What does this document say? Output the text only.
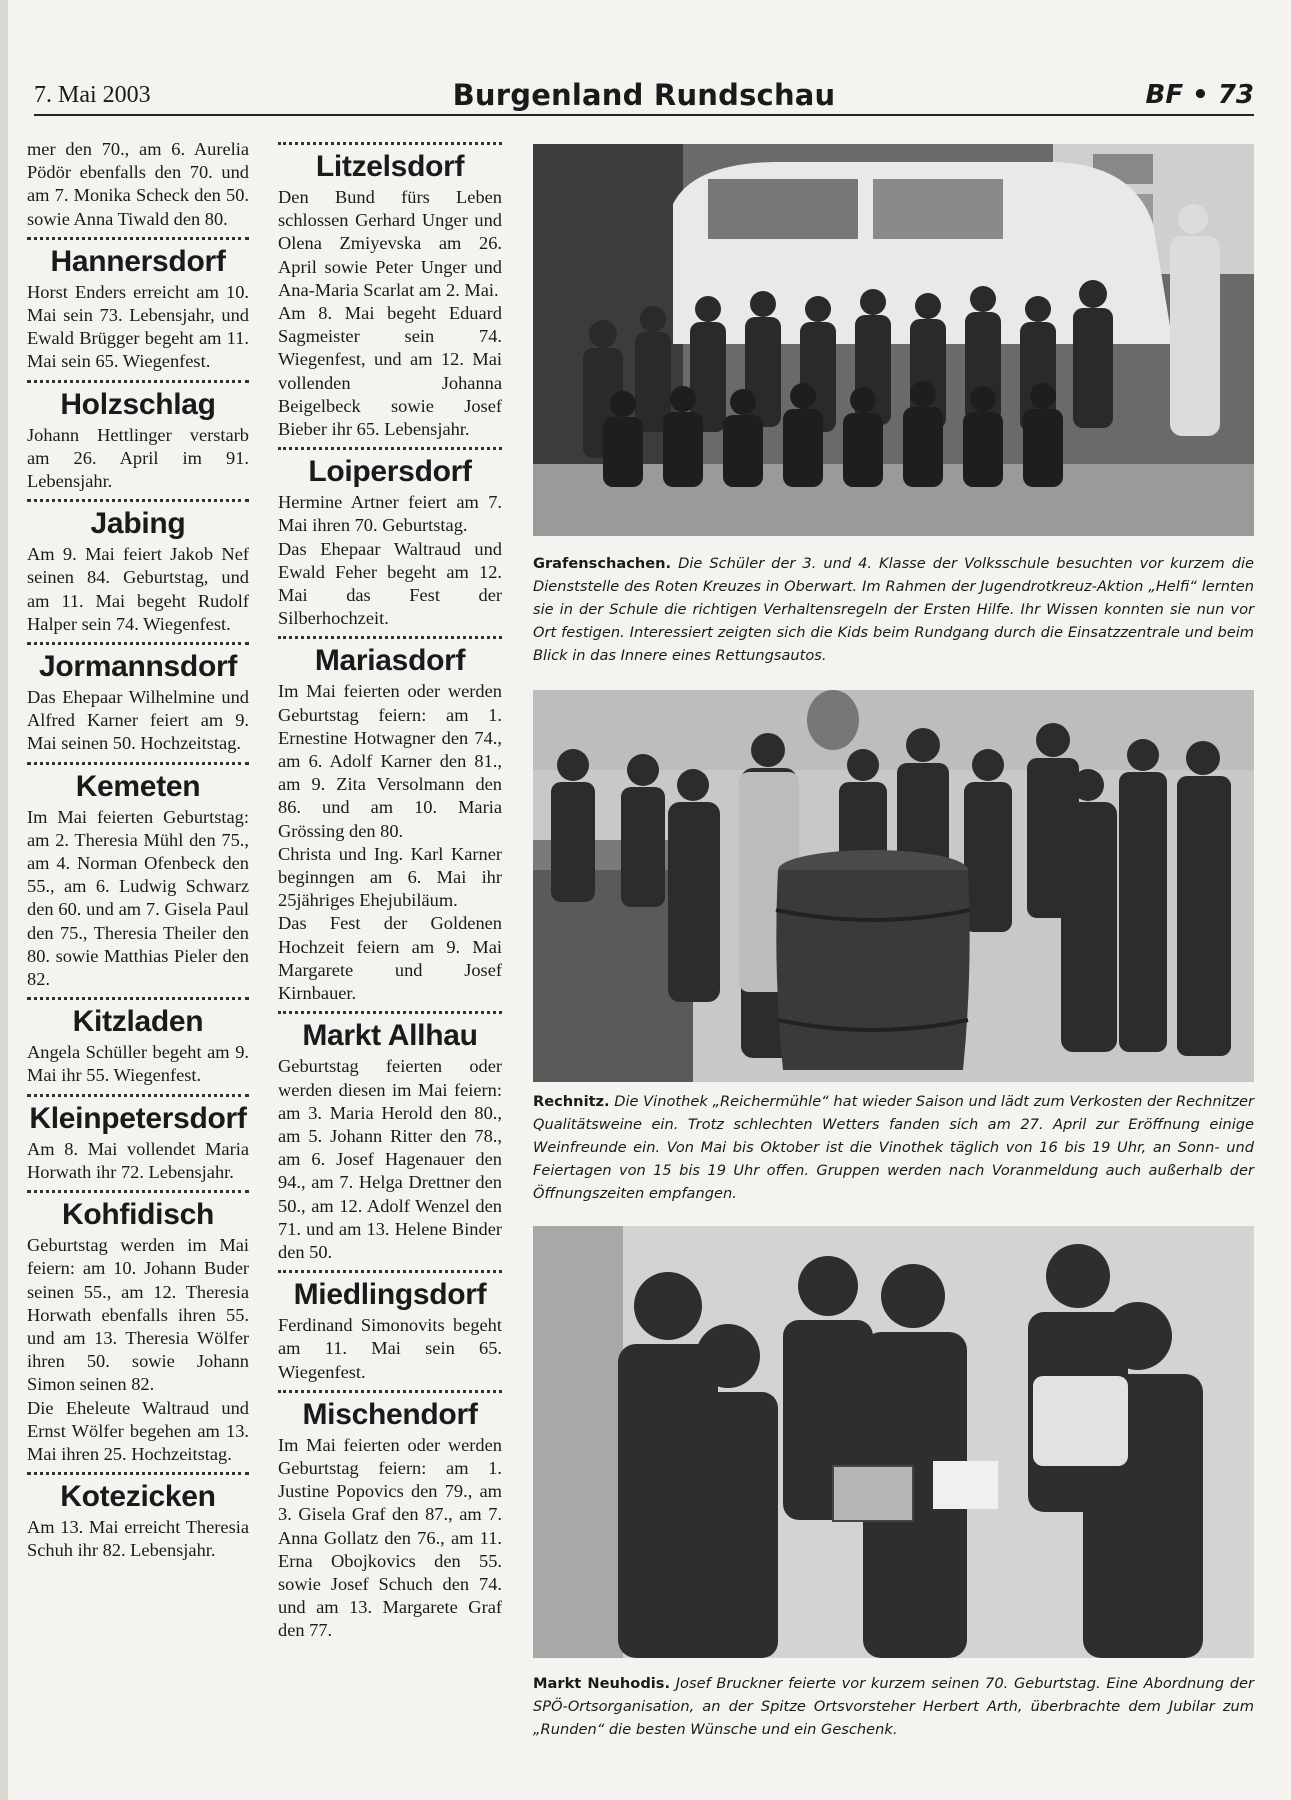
7. Mai 2003	Burgenland Rundschau	BF • 73

mer den 70., am 6. Aurelia Pödör ebenfalls den 70. und am 7. Monika Scheck den 50. sowie Anna Tiwald den 80.

Hannersdorf

Horst Enders erreicht am 10. Mai sein 73. Lebensjahr, und Ewald Brügger begeht am 11. Mai sein 65. Wiegenfest.

Holzschlag

Johann Hettlinger verstarb am 26. April im 91. Lebensjahr.

Jabing

Am 9. Mai feiert Jakob Nef seinen 84. Geburtstag, und am 11. Mai begeht Rudolf Halper sein 74. Wiegenfest.

Jormannsdorf

Das Ehepaar Wilhelmine und Alfred Karner feiert am 9. Mai seinen 50. Hochzeitstag.

Kemeten

Im Mai feierten Geburtstag: am 2. Theresia Mühl den 75., am 4. Norman Ofenbeck den 55., am 6. Ludwig Schwarz den 60. und am 7. Gisela Paul den 75., Theresia Theiler den 80. sowie Matthias Pieler den 82.

Kitzladen

Angela Schüller begeht am 9. Mai ihr 55. Wiegenfest.

Kleinpetersdorf

Am 8. Mai vollendet Maria Horwath ihr 72. Lebensjahr.

Kohfidisch

Geburtstag werden im Mai feiern: am 10. Johann Buder seinen 55., am 12. Theresia Horwath ebenfalls ihren 55. und am 13. Theresia Wölfer ihren 50. sowie Johann Simon seinen 82.

Die Eheleute Waltraud und Ernst Wölfer begehen am 13. Mai ihren 25. Hochzeitstag.

Kotezicken

Am 13. Mai erreicht Theresia Schuh ihr 82. Lebensjahr.

Litzelsdorf

Den Bund fürs Leben schlossen Gerhard Unger und Olena Zmiyevska am 26. April sowie Peter Unger und Ana-Maria Scarlat am 2. Mai.

Am 8. Mai begeht Eduard Sagmeister sein 74. Wiegenfest, und am 12. Mai vollenden Johanna Beigelbeck sowie Josef Bieber ihr 65. Lebensjahr.

Loipersdorf

Hermine Artner feiert am 7. Mai ihren 70. Geburtstag.

Das Ehepaar Waltraud und Ewald Feher begeht am 12. Mai das Fest der Silberhochzeit.

Mariasdorf

Im Mai feierten oder werden Geburtstag feiern: am 1. Ernestine Hotwagner den 74., am 6. Adolf Karner den 81., am 9. Zita Versolmann den 86. und am 10. Maria Grössing den 80.

Christa und Ing. Karl Karner beginngen am 6. Mai ihr 25jähriges Ehejubiläum.

Das Fest der Goldenen Hochzeit feiern am 9. Mai Margarete und Josef Kirnbauer.

Markt Allhau

Geburtstag feierten oder werden diesen im Mai feiern: am 3. Maria Herold den 80., am 5. Johann Ritter den 78., am 6. Josef Hagenauer den 94., am 7. Helga Drettner den 50., am 12. Adolf Wenzel den 71. und am 13. Helene Binder den 50.

Miedlingsdorf

Ferdinand Simonovits begeht am 11. Mai sein 65. Wiegenfest.

Mischendorf

Im Mai feierten oder werden Geburtstag feiern: am 1. Justine Popovics den 79., am 3. Gisela Graf den 87., am 7. Anna Gollatz den 76., am 11. Erna Obojkovics den 55. sowie Josef Schuch den 74. und am 13. Margarete Graf den 77.

Grafenschachen. Die Schüler der 3. und 4. Klasse der Volksschule besuchten vor kurzem die Dienststelle des Roten Kreuzes in Oberwart. Im Rahmen der Jugendrotkreuz-Aktion „Helfi“ lernten sie in der Schule die richtigen Verhaltensregeln der Ersten Hilfe. Ihr Wissen konnten sie nun vor Ort festigen. Interessiert zeigten sich die Kids beim Rundgang durch die Einsatzzentrale und beim Blick in das Innere eines Rettungsautos.
Rechnitz. Die Vinothek „Reichermühle“ hat wieder Saison und lädt zum Verkosten der Rechnitzer Qualitätsweine ein. Trotz schlechten Wetters fanden sich am 27. April zur Eröffnung einige Weinfreunde ein. Von Mai bis Oktober ist die Vinothek täglich von 16 bis 19 Uhr, an Sonn- und Feiertagen von 15 bis 19 Uhr offen. Gruppen werden nach Voranmeldung auch außerhalb der Öffnungszeiten empfangen.
Markt Neuhodis. Josef Bruckner feierte vor kurzem seinen 70. Geburtstag. Eine Abordnung der SPÖ-Ortsorganisation, an der Spitze Ortsvorsteher Herbert Arth, überbrachte dem Jubilar zum „Runden“ die besten Wünsche und ein Geschenk.
